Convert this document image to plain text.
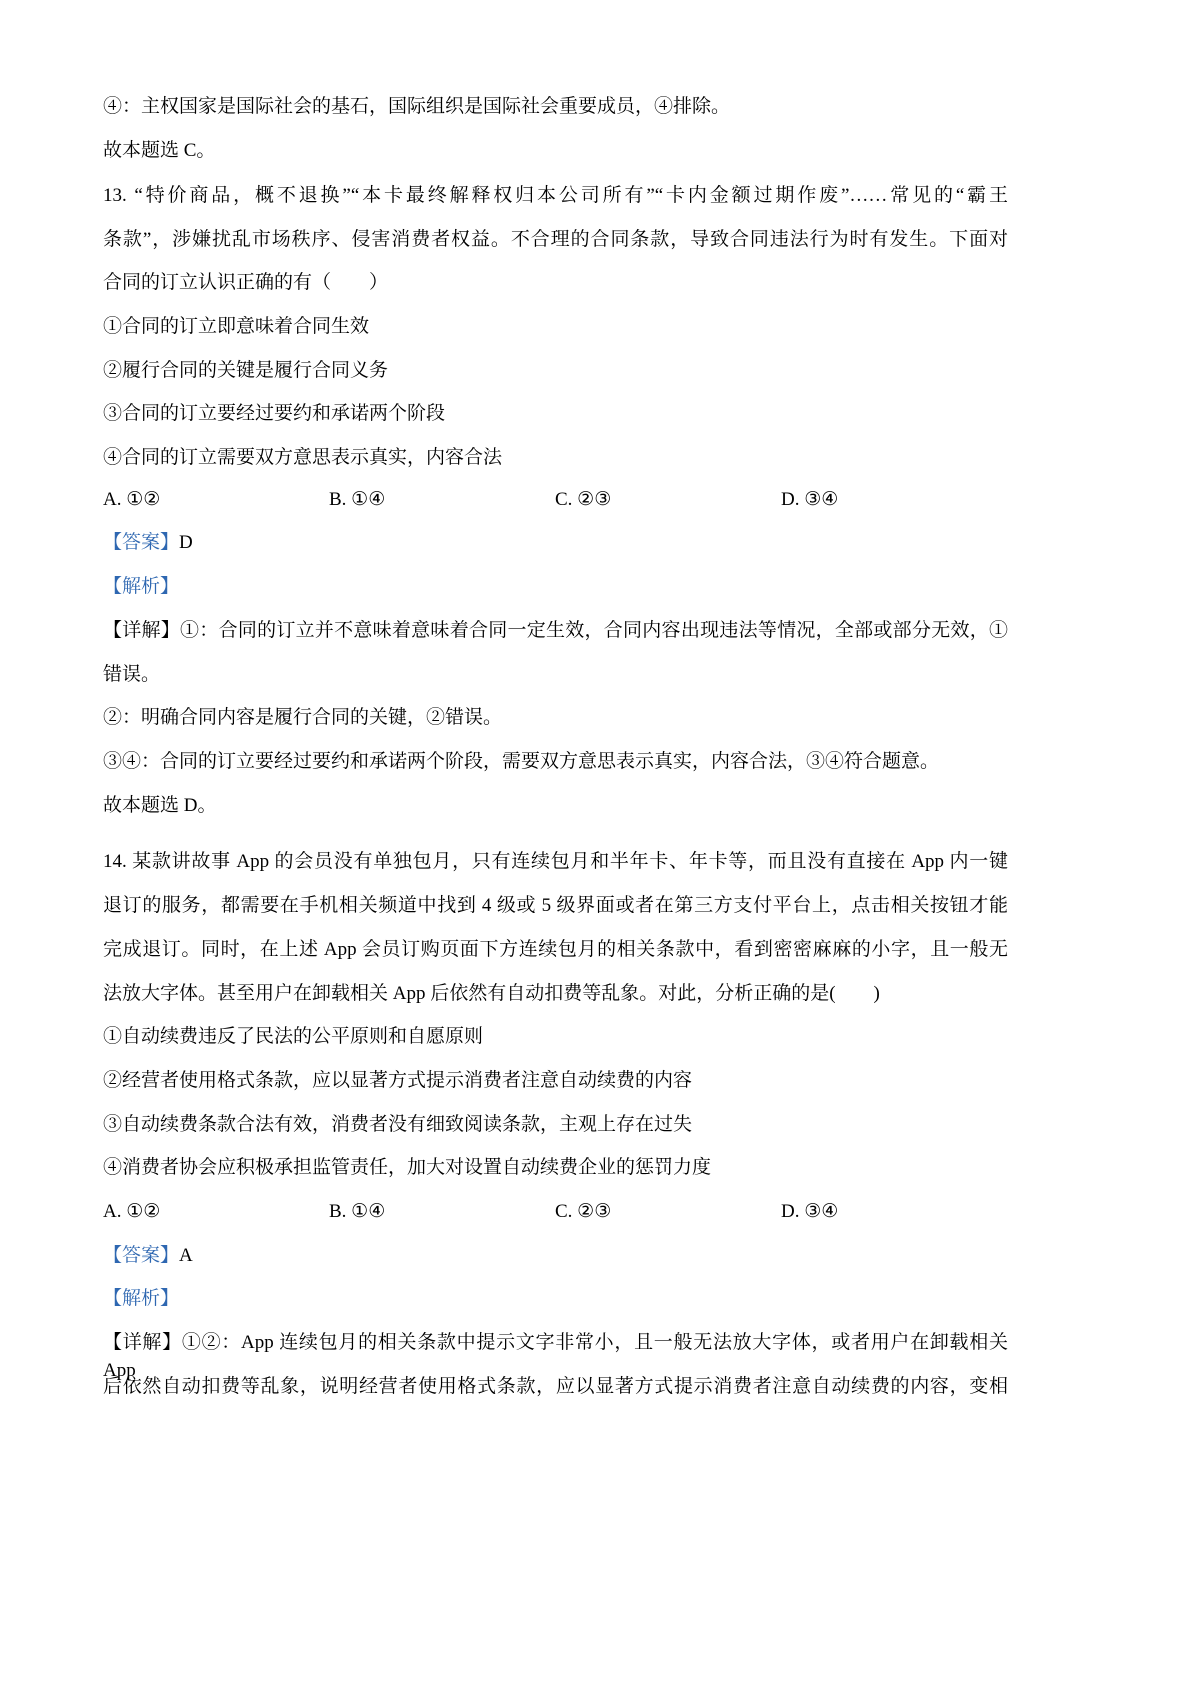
④：主权国家是国际社会的基石，国际组织是国际社会重要成员，④排除。
故本题选 C。
13. “特价商品，概不退换”“本卡最终解释权归本公司所有”“卡内金额过期作废”……常见的“霸王
条款”，涉嫌扰乱市场秩序、侵害消费者权益。不合理的合同条款，导致合同违法行为时有发生。下面对
合同的订立认识正确的有（　　）
①合同的订立即意味着合同生效
②履行合同的关键是履行合同义务
③合同的订立要经过要约和承诺两个阶段
④合同的订立需要双方意思表示真实，内容合法
A. ①②	B. ①④	C. ②③	D. ③④
【答案】D
【解析】
【详解】①：合同的订立并不意味着意味着合同一定生效，合同内容出现违法等情况，全部或部分无效，①
错误。
②：明确合同内容是履行合同的关键，②错误。
③④：合同的订立要经过要约和承诺两个阶段，需要双方意思表示真实，内容合法，③④符合题意。
故本题选 D。
14. 某款讲故事 App 的会员没有单独包月，只有连续包月和半年卡、年卡等，而且没有直接在 App 内一键
退订的服务，都需要在手机相关频道中找到 4 级或 5 级界面或者在第三方支付平台上，点击相关按钮才能
完成退订。同时，在上述 App 会员订购页面下方连续包月的相关条款中，看到密密麻麻的小字，且一般无
法放大字体。甚至用户在卸载相关 App 后依然有自动扣费等乱象。对此，分析正确的是(　　)
①自动续费违反了民法的公平原则和自愿原则
②经营者使用格式条款，应以显著方式提示消费者注意自动续费的内容
③自动续费条款合法有效，消费者没有细致阅读条款，主观上存在过失
④消费者协会应积极承担监管责任，加大对设置自动续费企业的惩罚力度
A. ①②	B. ①④	C. ②③	D. ③④
【答案】A
【解析】
【详解】①②：App 连续包月的相关条款中提示文字非常小，且一般无法放大字体，或者用户在卸载相关 App
后依然自动扣费等乱象，说明经营者使用格式条款，应以显著方式提示消费者注意自动续费的内容，变相
